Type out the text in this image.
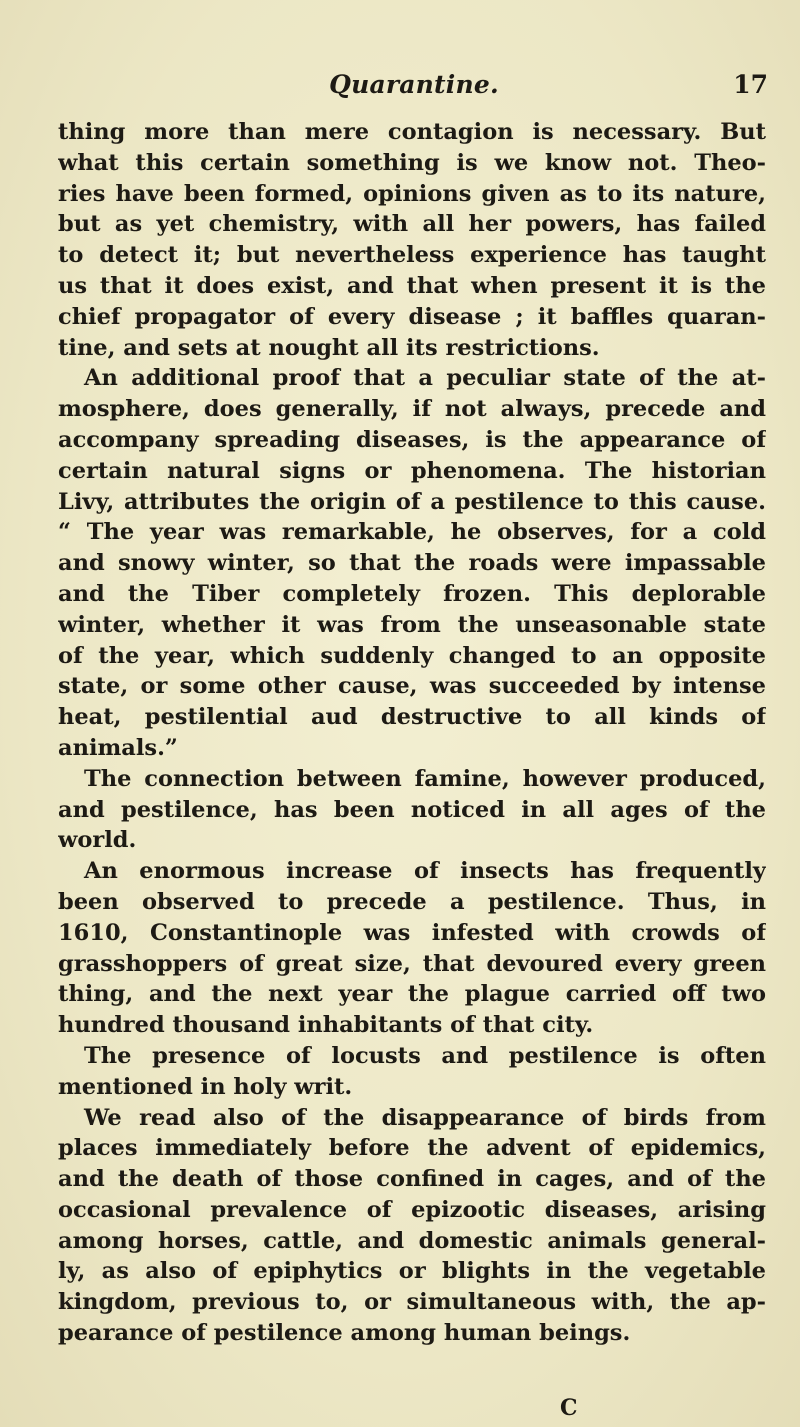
Quarantine.	17
thing more than mere contagion is necessary. But
what this certain something is we know not. Theo-
ries have been formed, opinions given as to its nature,
but as yet chemistry, with all her powers, has failed
to detect it; but nevertheless experience has taught
us that it does exist, and that when present it is the
chief propagator of every disease ; it baffles quaran-
tine, and sets at nought all its restrictions.
An additional proof that a peculiar state of the at-
mosphere, does generally, if not always, precede and
accompany spreading diseases, is the appearance of
certain natural signs or phenomena. The historian
Livy, attributes the origin of a pestilence to this cause.
“ The year was remarkable, he observes, for a cold
and snowy winter, so that the roads were impassable
and the Tiber completely frozen. This deplorable
winter, whether it was from the unseasonable state
of the year, which suddenly changed to an opposite
state, or some other cause, was succeeded by intense
heat, pestilential aud destructive to all kinds of
animals.”
The connection between famine, however produced,
and pestilence, has been noticed in all ages of the
world.
An enormous increase of insects has frequently
been observed to precede a pestilence. Thus, in
1610, Constantinople was infested with crowds of
grasshoppers of great size, that devoured every green
thing, and the next year the plague carried off two
hundred thousand inhabitants of that city.
The presence of locusts and pestilence is often
mentioned in holy writ.
We read also of the disappearance of birds from
places immediately before the advent of epidemics,
and the death of those confined in cages, and of the
occasional prevalence of epizootic diseases, arising
among horses, cattle, and domestic animals general-
ly, as also of epiphytics or blights in the vegetable
kingdom, previous to, or simultaneous with, the ap-
pearance of pestilence among human beings.
C
